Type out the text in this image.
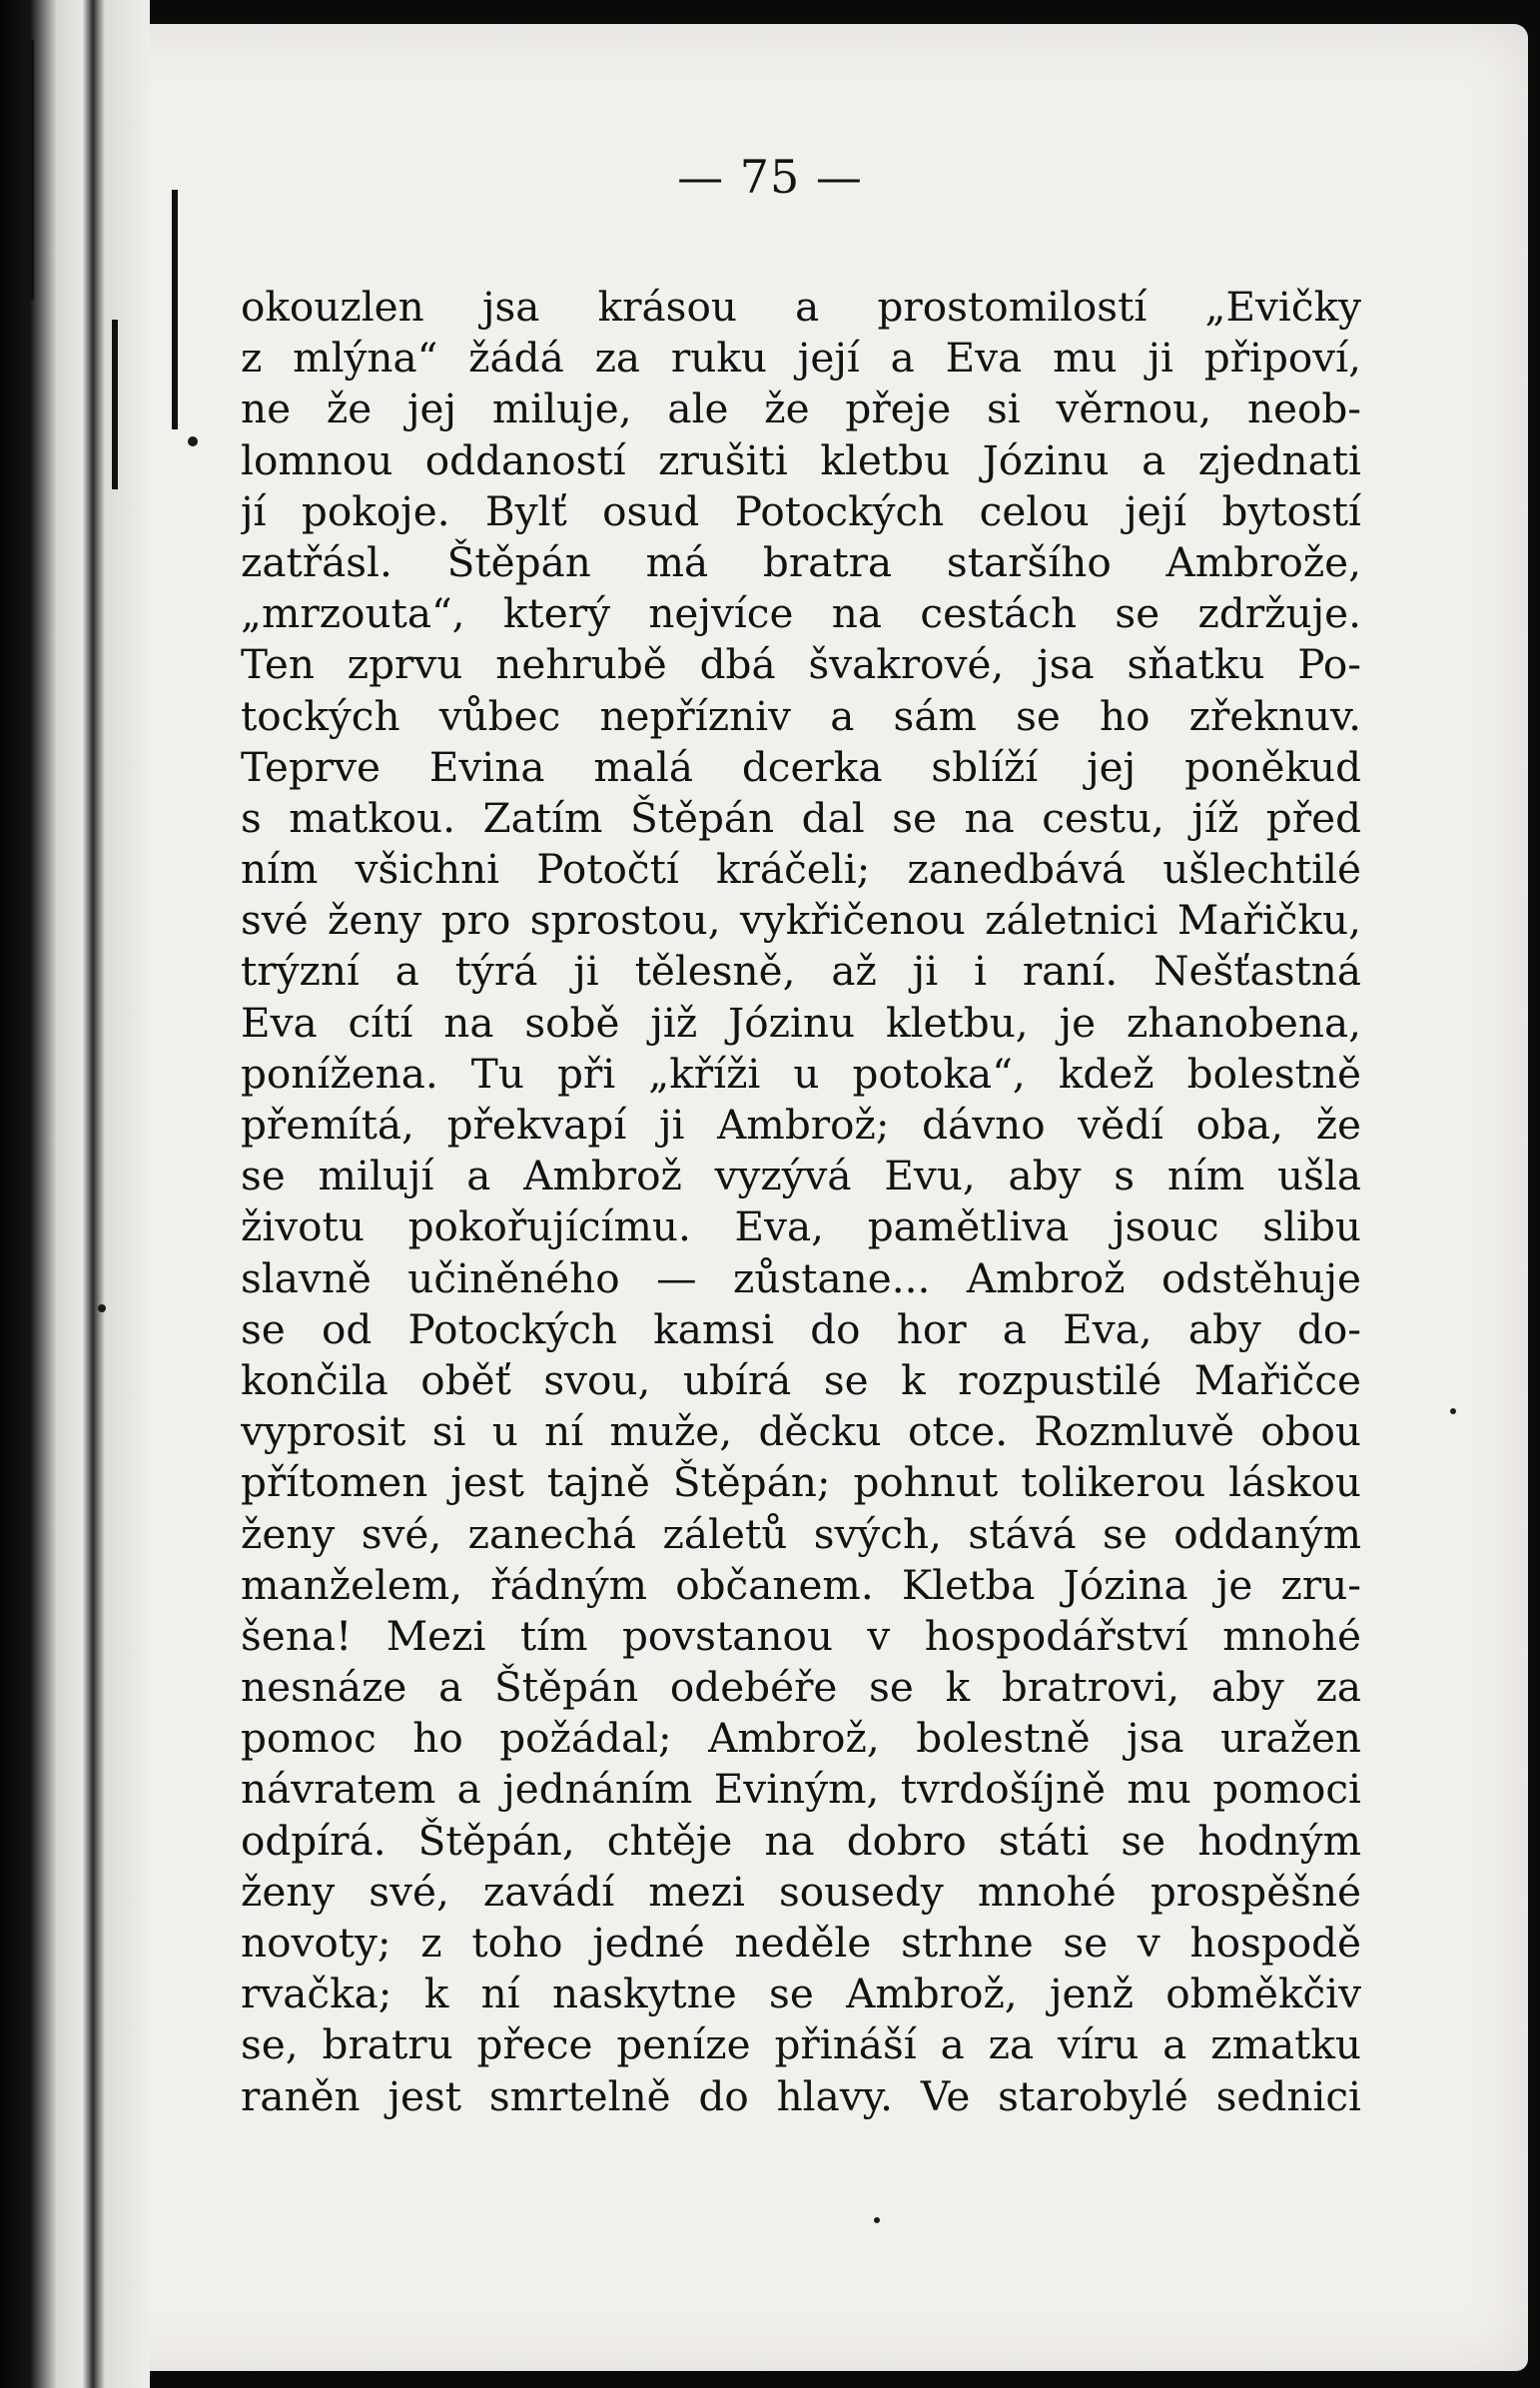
— 75 —
okouzlen jsa krásou a prostomilostí „Evičky
z mlýna“ žádá za ruku její a Eva mu ji připoví,
ne že jej miluje, ale že přeje si věrnou, neob-
lomnou oddaností zrušiti kletbu Józinu a zjednati
jí pokoje. Bylť osud Potockých celou její bytostí
zatřásl. Štěpán má bratra staršího Ambrože,
„mrzouta“, který nejvíce na cestách se zdržuje.
Ten zprvu nehrubě dbá švakrové, jsa sňatku Po-
tockých vůbec nepřízniv a sám se ho zřeknuv.
Teprve Evina malá dcerka sblíží jej poněkud
s matkou. Zatím Štěpán dal se na cestu, jíž před
ním všichni Potočtí kráčeli; zanedbává ušlechtilé
své ženy pro sprostou, vykřičenou záletnici Mařičku,
trýzní a týrá ji tělesně, až ji i raní. Nešťastná
Eva cítí na sobě již Józinu kletbu, je zhanobena,
ponížena. Tu při „kříži u potoka“, kdež bolestně
přemítá, překvapí ji Ambrož; dávno vědí oba, že
se milují a Ambrož vyzývá Evu, aby s ním ušla
životu pokořujícímu. Eva, pamětliva jsouc slibu
slavně učiněného — zůstane... Ambrož odstěhuje
se od Potockých kamsi do hor a Eva, aby do-
končila oběť svou, ubírá se k rozpustilé Mařičce
vyprosit si u ní muže, děcku otce. Rozmluvě obou
přítomen jest tajně Štěpán; pohnut tolikerou láskou
ženy své, zanechá záletů svých, stává se oddaným
manželem, řádným občanem. Kletba Józina je zru-
šena! Mezi tím povstanou v hospodářství mnohé
nesnáze a Štěpán odebéře se k bratrovi, aby za
pomoc ho požádal; Ambrož, bolestně jsa uražen
návratem a jednáním Eviným, tvrdošíjně mu pomoci
odpírá. Štěpán, chtěje na dobro státi se hodným
ženy své, zavádí mezi sousedy mnohé prospěšné
novoty; z toho jedné neděle strhne se v hospodě
rvačka; k ní naskytne se Ambrož, jenž obměkčiv
se, bratru přece peníze přináší a za víru a zmatku
raněn jest smrtelně do hlavy. Ve starobylé sednici
